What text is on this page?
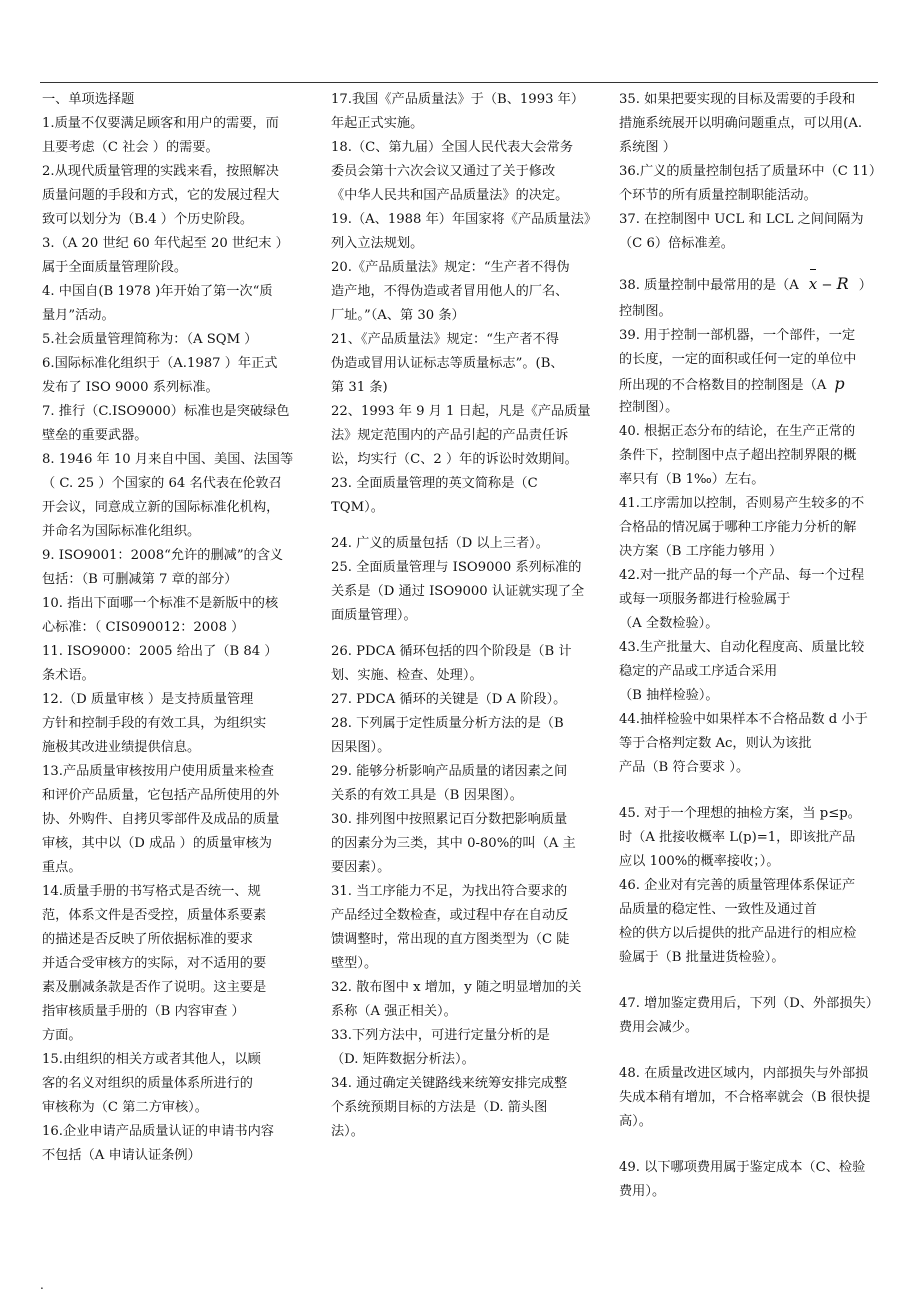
一、单项选择题
1.质量不仅要满足顾客和用户的需要，而
且要考虑（C 社会 ）的需要。
2.从现代质量管理的实践来看，按照解决
质量问题的手段和方式，它的发展过程大
致可以划分为（B.4 ）个历史阶段。
3.（A 20 世纪 60 年代起至 20 世纪末 ）
属于全面质量管理阶段。
4. 中国自(B 1978 )年开始了第一次“质
量月”活动。
5.社会质量管理简称为：（A SQM ）
6.国际标准化组织于（A.1987 ）年正式
发布了 ISO 9000 系列标准。
7. 推行（C.ISO9000）标准也是突破绿色
壁垒的重要武器。
8. 1946 年 10 月来自中国、美国、法国等
（ C. 25 ）个国家的 64 名代表在伦敦召
开会议，同意成立新的国际标准化机构，
并命名为国际标准化组织。
9. ISO9001：2008“允许的删减”的含义
包括：（B 可删减第 7 章的部分）
10. 指出下面哪一个标准不是新版中的核
心标准：（ CIS090012：2008 ）
11. ISO9000：2005 给出了（B 84 ）
条术语。
12.（D 质量审核 ）是支持质量管理
方针和控制手段的有效工具，为组织实
施极其改进业绩提供信息。
13.产品质量审核按用户使用质量来检查
和评价产品质量，它包括产品所使用的外
协、外购件、自拷贝零部件及成品的质量
审核，其中以（D 成品 ）的质量审核为
重点。
14.质量手册的书写格式是否统一、规
范，体系文件是否受控，质量体系要素
的描述是否反映了所依据标准的要求
并适合受审核方的实际，对不适用的要
素及删减条款是否作了说明。这主要是
指审核质量手册的（B 内容审查 ）
方面。
15.由组织的相关方或者其他人，以顾
客的名义对组织的质量体系所进行的
审核称为（C 第二方审核）。
16.企业申请产品质量认证的申请书内容
不包括（A 申请认证条例）
17.我国《产品质量法》于（B、1993 年）
年起正式实施。
18.（C、第九届）全国人民代表大会常务
委员会第十六次会议又通过了关于修改
《中华人民共和国产品质量法》的决定。
19.（A、1988 年）年国家将《产品质量法》
列入立法规划。
20.《产品质量法》规定：“生产者不得伪
造产地，不得伪造或者冒用他人的厂名、
厂址。”（A、第 30 条）
21、《产品质量法》规定：“生产者不得
伪造或冒用认证标志等质量标志”。(B、
第 31 条)
22、1993 年 9 月 1 日起，凡是《产品质量
法》规定范围内的产品引起的产品责任诉
讼，均实行（C、2 ）年的诉讼时效期间。
23. 全面质量管理的英文简称是（C
TQM）。
24. 广义的质量包括（D 以上三者）。
25. 全面质量管理与 ISO9000 系列标准的
关系是（D 通过 ISO9000 认证就实现了全
面质量管理）。
26. PDCA 循环包括的四个阶段是（B 计
划、实施、检查、处理）。
27. PDCA 循环的关键是（D A 阶段）。
28. 下列属于定性质量分析方法的是（B
因果图）。
29. 能够分析影响产品质量的诸因素之间
关系的有效工具是（B 因果图）。
30. 排列图中按照累记百分数把影响质量
的因素分为三类，其中 0-80%的叫（A 主
要因素）。
31. 当工序能力不足，为找出符合要求的
产品经过全数检查，或过程中存在自动反
馈调整时，常出现的直方图类型为（C 陡
壁型）。
32. 散布图中 x 增加，y 随之明显增加的关
系称（A 强正相关）。
33.下列方法中，可进行定量分析的是
（D. 矩阵数据分析法）。
34. 通过确定关键路线来统筹安排完成整
个系统预期目标的方法是（D. 箭头图
法）。
35. 如果把要实现的目标及需要的手段和
措施系统展开以明确问题重点，可以用(A.
系统图 ）
36.广义的质量控制包括了质量环中（C 11）
个环节的所有质量控制职能活动。
37. 在控制图中 UCL 和 LCL 之间间隔为
（C 6）倍标准差。
38. 质量控制中最常用的是（A x − R ）
控制图。
39. 用于控制一部机器，一个部件，一定
的长度，一定的面积或任何一定的单位中
所出现的不合格数目的控制图是（A p
控制图）。
40. 根据正态分布的结论，在生产正常的
条件下，控制图中点子超出控制界限的概
率只有（B 1‰）左右。
41.工序需加以控制，否则易产生较多的不
合格品的情况属于哪种工序能力分析的解
决方案（B 工序能力够用 ）
42.对一批产品的每一个产品、每一个过程
或每一项服务都进行检验属于
（A 全数检验）。
43.生产批量大、自动化程度高、质量比较
稳定的产品或工序适合采用
（B 抽样检验）。
44.抽样检验中如果样本不合格品数 d 小于
等于合格判定数 Ac，则认为该批
产品（B 符合要求 ）。
45. 对于一个理想的抽检方案，当 p≤p。
时（A 批接收概率 L(p)=1，即该批产品
应以 100%的概率接收；）。
46. 企业对有完善的质量管理体系保证产
品质量的稳定性、一致性及通过首
检的供方以后提供的批产品进行的相应检
验属于（B 批量进货检验）。
47. 增加鉴定费用后，下列（D、外部损失）
费用会减少。
48. 在质量改进区域内，内部损失与外部损
失成本稍有增加，不合格率就会（B 很快提
高）。
49. 以下哪项费用属于鉴定成本（C、检验
费用）。
.
